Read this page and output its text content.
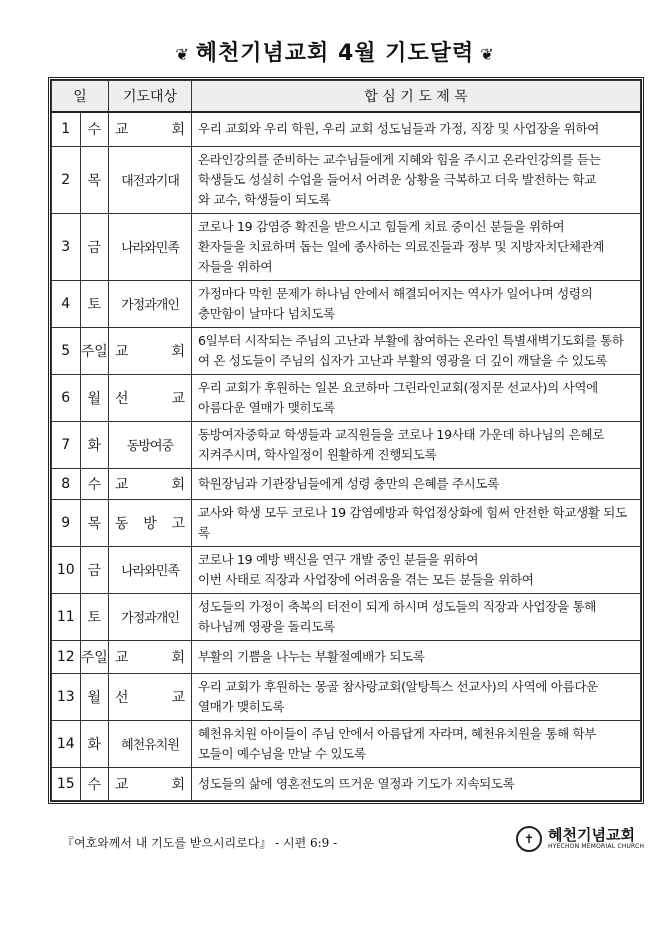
❦ 혜천기념교회 4월 기도달력 ❦
일		기도대상	합 심 기 도 제 목
1	수	교 회	우리 교회와 우리 학원, 우리 교회 성도님들과 가정, 직장 및 사업장을 위하여

2	목	대전과기대	온라인강의를 준비하는 교수님들에게 지혜와 힘을 주시고 온라인강의를 듣는
학생들도 성실히 수업을 들어서 어려운 상황을 극복하고 더욱 발전하는 학교
와 교수, 학생들이 되도록

3	금	나라와민족	코로나 19 감염증 확진을 받으시고 힘들게 치료 중이신 분들을 위하여
환자들을 치료하며 돕는 일에 종사하는 의료진들과 정부 및 지방자치단체관계
자들을 위하여

4	토	가정과개인	가정마다 막힌 문제가 하나님 안에서 해결되어지는 역사가 일어나며 성령의
충만함이 날마다 넘치도록

5	주일	교 회	6일부터 시작되는 주님의 고난과 부활에 참여하는 온라인 특별새벽기도회를 통하
여 온 성도들이 주님의 십자가 고난과 부활의 영광을 더 깊이 깨달을 수 있도록

6	월	선 교	우리 교회가 후원하는 일본 요코하마 그린라인교회(정지문 선교사)의 사역에
아름다운 열매가 맺히도록

7	화	동방여중	동방여자중학교 학생들과 교직원들을 코로나 19사태 가운데 하나님의 은혜로
지켜주시며, 학사일정이 원활하게 진행되도록

8	수	교 회	학원장님과 기관장님들에게 성령 충만의 은혜를 주시도록

9	목	동 방 고	교사와 학생 모두 코로나 19 감염예방과 학업정상화에 힘써 안전한 학교생활 되도록

10	금	나라와민족	코로나 19 예방 백신을 연구 개발 중인 분들을 위하여
이번 사태로 직장과 사업장에 어려움을 겪는 모든 분들을 위하여

11	토	가정과개인	성도들의 가정이 축복의 터전이 되게 하시며 성도들의 직장과 사업장을 통해
하나님께 영광을 돌리도록

12	주일	교 회	부활의 기쁨을 나누는 부활절예배가 되도록

13	월	선 교	우리 교회가 후원하는 몽골 참사랑교회(알탕특스 선교사)의 사역에 아름다운
열매가 맺히도록

14	화	혜천유치원	혜천유치원 아이들이 주님 안에서 아름답게 자라며, 혜천유치원을 통해 학부
모들이 예수님을 만날 수 있도록

15	수	교 회	성도들의 삶에 영혼전도의 뜨거운 열정과 기도가 지속되도록
『여호와께서 내 기도를 받으시리로다』 - 시편 6:9 -	✝ 혜천기념교회
HYECHON MEMORIAL CHURCH
